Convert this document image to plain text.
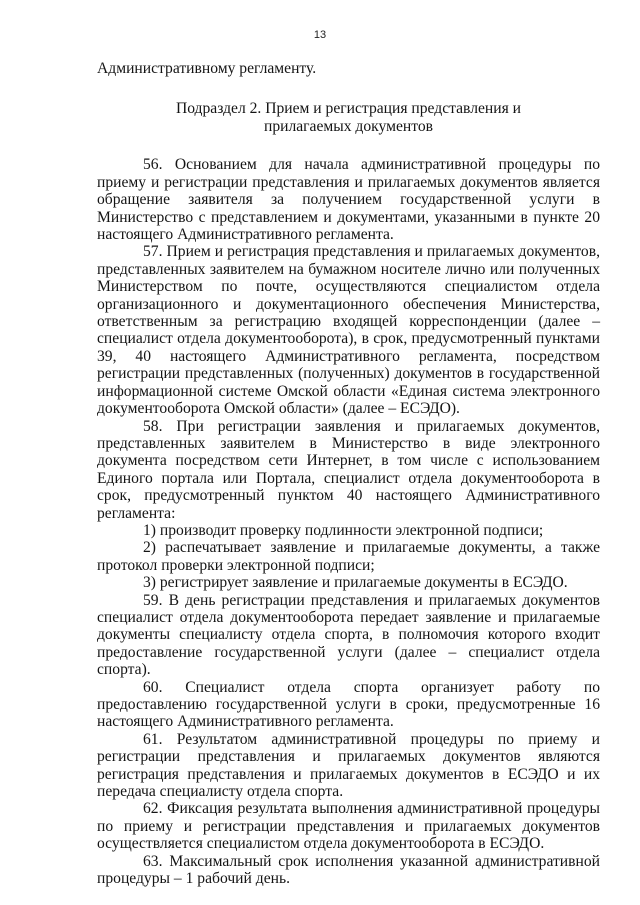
13

Административному регламенту.

Подраздел 2. Прием и регистрация представления и
прилагаемых документов

56. Основанием для начала административной процедуры по приему и регистрации представления и прилагаемых документов является обращение заявителя за получением государственной услуги в Министерство с представлением и документами, указанными в пункте 20 настоящего Административного регламента.

57. Прием и регистрация представления и прилагаемых документов, представленных заявителем на бумажном носителе лично или полученных Министерством по почте, осуществляются специалистом отдела организационного и документационного обеспечения Министерства, ответственным за регистрацию входящей корреспонденции (далее – специалист отдела документооборота), в срок, предусмотренный пунктами 39, 40 настоящего Административного регламента, посредством регистрации представленных (полученных) документов в государственной информационной системе Омской области «Единая система электронного документооборота Омской области» (далее – ЕСЭДО).

58. При регистрации заявления и прилагаемых документов, представленных заявителем в Министерство в виде электронного документа посредством сети Интернет, в том числе с использованием Единого портала или Портала, специалист отдела документооборота в срок, предусмотренный пунктом 40 настоящего Административного регламента:

1) производит проверку подлинности электронной подписи;

2) распечатывает заявление и прилагаемые документы, а также протокол проверки электронной подписи;

3) регистрирует заявление и прилагаемые документы в ЕСЭДО.

59. В день регистрации представления и прилагаемых документов специалист отдела документооборота передает заявление и прилагаемые документы специалисту отдела спорта, в полномочия которого входит предоставление государственной услуги (далее – специалист отдела спорта).

60. Специалист отдела спорта организует работу по предоставлению государственной услуги в сроки, предусмотренные 16 настоящего Административного регламента.

61. Результатом административной процедуры по приему и регистрации представления и прилагаемых документов являются регистрация представления и прилагаемых документов в ЕСЭДО и их передача специалисту отдела спорта.

62. Фиксация результата выполнения административной процедуры по приему и регистрации представления и прилагаемых документов осуществляется специалистом отдела документооборота в ЕСЭДО.

63. Максимальный срок исполнения указанной административной процедуры – 1 рабочий день.
